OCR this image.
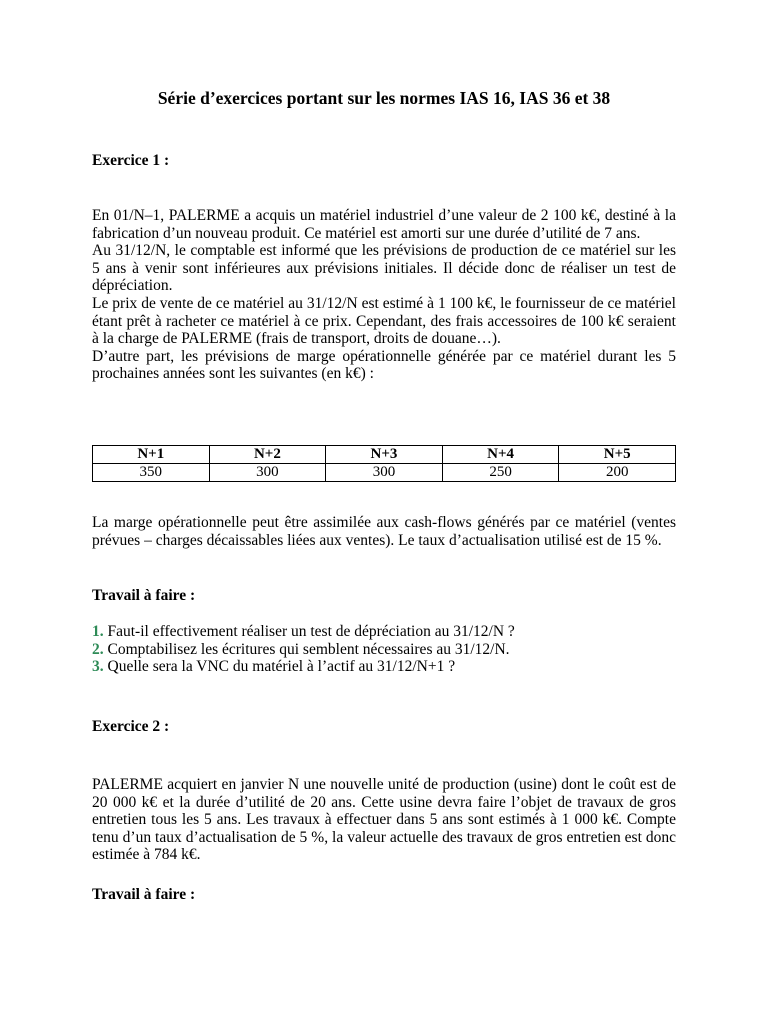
Série d’exercices portant sur les normes IAS 16, IAS 36 et 38
Exercice 1 :

En 01/N–1, PALERME a acquis un matériel industriel d’une valeur de 2 100 k€, destiné à la fabrication d’un nouveau produit. Ce matériel est amorti sur une durée d’utilité de 7 ans.

Au 31/12/N, le comptable est informé que les prévisions de production de ce matériel sur les 5 ans à venir sont inférieures aux prévisions initiales. Il décide donc de réaliser un test de dépréciation.

Le prix de vente de ce matériel au 31/12/N est estimé à 1 100 k€, le fournisseur de ce matériel étant prêt à racheter ce matériel à ce prix. Cependant, des frais accessoires de 100 k€ seraient à la charge de PALERME (frais de transport, droits de douane…).

D’autre part, les prévisions de marge opérationnelle générée par ce matériel durant les 5 prochaines années sont les suivantes (en k€) :

N+1	N+2	N+3	N+4	N+5
350	300	300	250	200
La marge opérationnelle peut être assimilée aux cash-flows générés par ce matériel (ventes prévues – charges décaissables liées aux ventes). Le taux d’actualisation utilisé est de 15 %.
Travail à faire :
1. Faut-il effectivement réaliser un test de dépréciation au 31/12/N ?
2. Comptabilisez les écritures qui semblent nécessaires au 31/12/N.
3. Quelle sera la VNC du matériel à l’actif au 31/12/N+1 ?
Exercice 2 :
PALERME acquiert en janvier N une nouvelle unité de production (usine) dont le coût est de 20 000 k€ et la durée d’utilité de 20 ans. Cette usine devra faire l’objet de travaux de gros entretien tous les 5 ans. Les travaux à effectuer dans 5 ans sont estimés à 1 000 k€. Compte tenu d’un taux d’actualisation de 5 %, la valeur actuelle des travaux de gros entretien est donc estimée à 784 k€.
Travail à faire :
